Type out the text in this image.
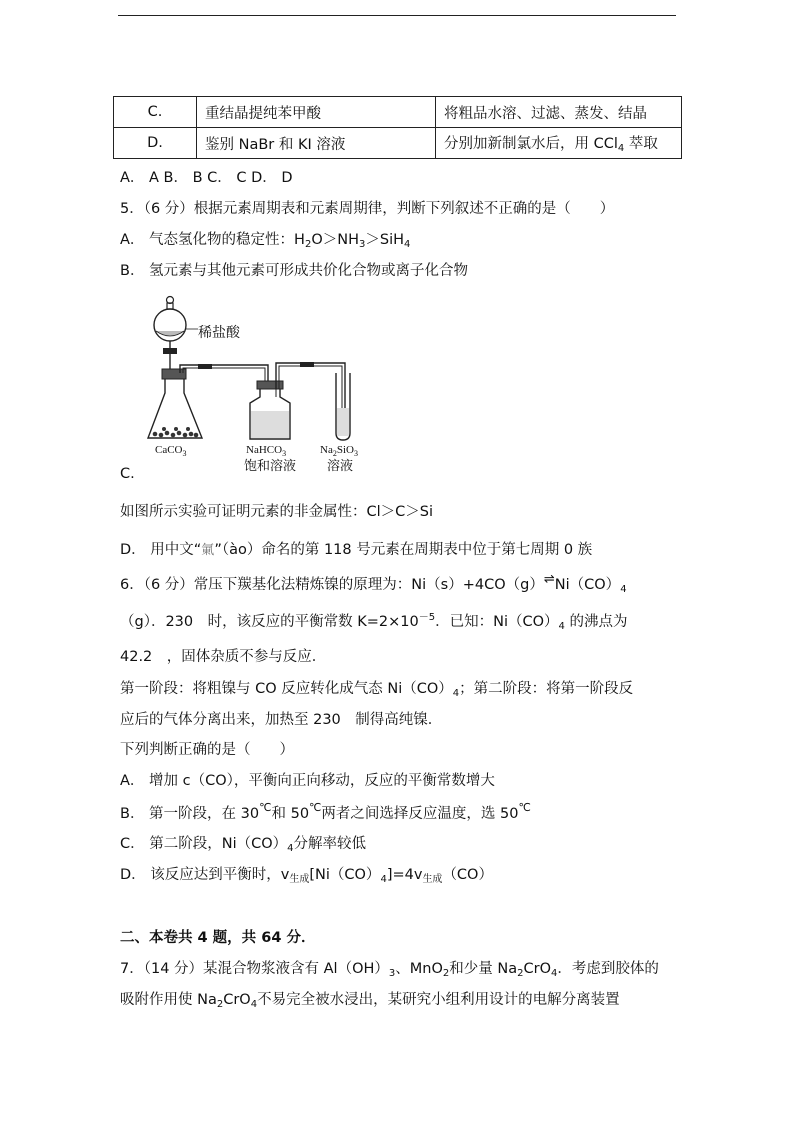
C.	重结晶提纯苯甲酸	将粗品水溶、过滤、蒸发、结晶
D.	鉴别 NaBr 和 KI 溶液	分别加新制氯水后，用 CCl$_4$ 萃取
A． A B． B C． C D． D
5．（6 分）根据元素周期表和元素周期律，判断下列叙述不正确的是（　　）
A． 气态氢化物的稳定性：$H_2O>NH_3>SiH_4$
B． 氢元素与其他元素可形成共价化合物或离子化合物
稀盐酸
CaCO$_3$	NaHCO$_3$
饱和溶液
$Na_2SiO_3$
溶液
C.
如图所示实验可证明元素的非金属性：Cl＞C＞Si
D． 用中文“氭”（ào）命名的第 118 号元素在周期表中位于第七周期 0 族
6．（6 分）常压下羰基化法精炼镍的原理为：$Ni(s)+4CO(g)\rightleftharpoons Ni(CO)_4$
（g）．230　时，该反应的平衡常数 $K=2\times 10^{-5}$．已知：$Ni(CO)_4$ 的沸点为
42.2　，固体杂质不参与反应．
第一阶段：将粗镍与 CO 反应转化成气态 $Ni(CO)_4$；第二阶段：将第一阶段反
应后的气体分离出来，加热至 230　制得高纯镍．
下列判断正确的是（　　）
A． 增加 c（CO），平衡向正向移动，反应的平衡常数增大
B． 第一阶段，在 30℃和 50℃两者之间选择反应温度，选 50℃
C． 第二阶段，$Ni(CO)_4$分解率较低
D． 该反应达到平衡时，$v_{生成}[Ni(CO)_4]=4v_{生成}(CO)$
二、本卷共 4 题，共 64 分．
7．（14 分）某混合物浆液含有 $Al(OH)_3$、MnO$_2$和少量 $Na_2CrO_4$．考虑到胶体的
吸附作用使 $Na_2CrO_4$不易完全被水浸出，某研究小组利用设计的电解分离装置
